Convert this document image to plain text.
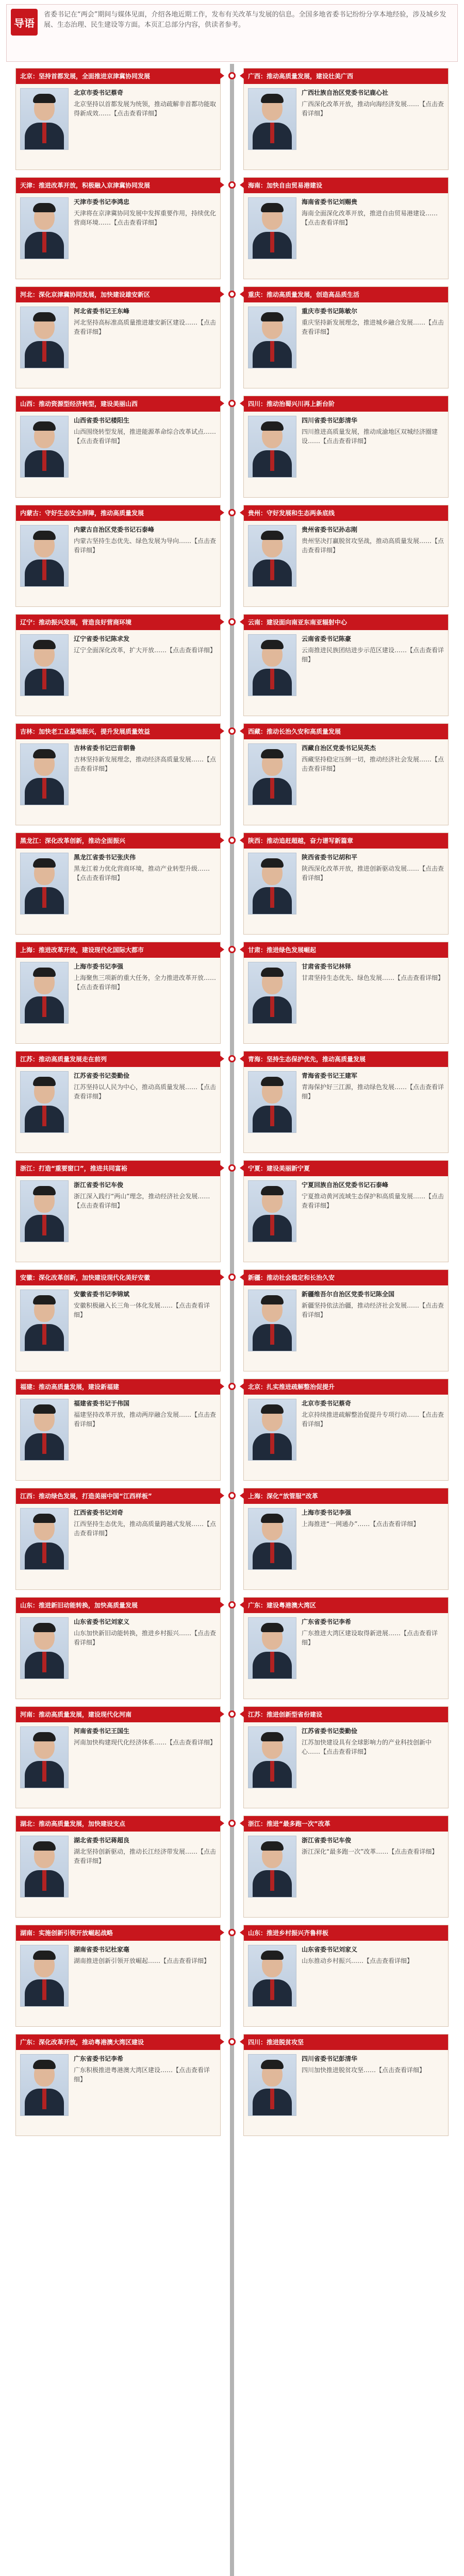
导语
省委书记在“两会”期间与媒体见面，介绍各地近期工作，发布有关改革与发展的信息。全国多地省委书记纷纷分享本地经验，涉及城乡发展、生态治理、民生建设等方面。本页汇总部分内容，供读者参考。
北京：坚持首都发展，全面推进京津冀协同发展
北京市委书记蔡奇
北京坚持以首都发展为统领，推动疏解非首都功能取得新成效……【点击查看详细】
天津：推进改革开放，积极融入京津冀协同发展
天津市委书记李鸿忠
天津将在京津冀协同发展中发挥重要作用，持续优化营商环境……【点击查看详细】
河北：深化京津冀协同发展，加快建设雄安新区
河北省委书记王东峰
河北坚持高标准高质量推进雄安新区建设……【点击查看详细】
山西：推动资源型经济转型，建设美丽山西
山西省委书记楼阳生
山西围绕转型发展，推进能源革命综合改革试点……【点击查看详细】
内蒙古：守好生态安全屏障，推动高质量发展
内蒙古自治区党委书记石泰峰
内蒙古坚持生态优先、绿色发展为导向……【点击查看详细】
辽宁：推动振兴发展，营造良好营商环境
辽宁省委书记陈求发
辽宁全面深化改革，扩大开放……【点击查看详细】
吉林：加快老工业基地振兴，提升发展质量效益
吉林省委书记巴音朝鲁
吉林坚持新发展理念，推动经济高质量发展……【点击查看详细】
黑龙江：深化改革创新，推动全面振兴
黑龙江省委书记张庆伟
黑龙江着力优化营商环境，推动产业转型升级……【点击查看详细】
上海：推进改革开放，建设现代化国际大都市
上海市委书记李强
上海聚焦三项新的重大任务，全力推进改革开放……【点击查看详细】
江苏：推动高质量发展走在前列
江苏省委书记娄勤俭
江苏坚持以人民为中心，推动高质量发展……【点击查看详细】
浙江：打造“重要窗口”，推进共同富裕
浙江省委书记车俊
浙江深入践行“两山”理念，推动经济社会发展……【点击查看详细】
安徽：深化改革创新，加快建设现代化美好安徽
安徽省委书记李锦斌
安徽积极融入长三角一体化发展……【点击查看详细】
福建：推动高质量发展，建设新福建
福建省委书记于伟国
福建坚持改革开放，推动两岸融合发展……【点击查看详细】
江西：推动绿色发展，打造美丽中国“江西样板”
江西省委书记刘奇
江西坚持生态优先，推动高质量跨越式发展……【点击查看详细】
山东：推进新旧动能转换，加快高质量发展
山东省委书记刘家义
山东加快新旧动能转换，推进乡村振兴……【点击查看详细】
河南：推动高质量发展，建设现代化河南
河南省委书记王国生
河南加快构建现代化经济体系……【点击查看详细】
湖北：推动高质量发展，加快建设支点
湖北省委书记蒋超良
湖北坚持创新驱动，推动长江经济带发展……【点击查看详细】
湖南：实施创新引领开放崛起战略
湖南省委书记杜家毫
湖南推进创新引领开放崛起……【点击查看详细】
广东：深化改革开放，推动粤港澳大湾区建设
广东省委书记李希
广东积极推进粤港澳大湾区建设……【点击查看详细】
广西：推动高质量发展，建设壮美广西
广西壮族自治区党委书记鹿心社
广西深化改革开放，推动向海经济发展……【点击查看详细】
海南：加快自由贸易港建设
海南省委书记刘赐贵
海南全面深化改革开放，推进自由贸易港建设……【点击查看详细】
重庆：推动高质量发展，创造高品质生活
重庆市委书记陈敏尔
重庆坚持新发展理念，推进城乡融合发展……【点击查看详细】
四川：推动治蜀兴川再上新台阶
四川省委书记彭清华
四川推进高质量发展，推动成渝地区双城经济圈建设……【点击查看详细】
贵州：守好发展和生态两条底线
贵州省委书记孙志刚
贵州坚决打赢脱贫攻坚战，推动高质量发展……【点击查看详细】
云南：建设面向南亚东南亚辐射中心
云南省委书记陈豪
云南推进民族团结进步示范区建设……【点击查看详细】
西藏：推动长治久安和高质量发展
西藏自治区党委书记吴英杰
西藏坚持稳定压倒一切，推动经济社会发展……【点击查看详细】
陕西：推动追赶超越，奋力谱写新篇章
陕西省委书记胡和平
陕西深化改革开放，推进创新驱动发展……【点击查看详细】
甘肃：推进绿色发展崛起
甘肃省委书记林铎
甘肃坚持生态优先、绿色发展……【点击查看详细】
青海：坚持生态保护优先，推动高质量发展
青海省委书记王建军
青海保护好三江源，推动绿色发展……【点击查看详细】
宁夏：建设美丽新宁夏
宁夏回族自治区党委书记石泰峰
宁夏推动黄河流域生态保护和高质量发展……【点击查看详细】
新疆：推动社会稳定和长治久安
新疆维吾尔自治区党委书记陈全国
新疆坚持依法治疆，推动经济社会发展……【点击查看详细】
北京：扎实推进疏解整治促提升
北京市委书记蔡奇
北京持续推进疏解整治促提升专项行动……【点击查看详细】
上海：深化“放管服”改革
上海市委书记李强
上海推进“一网通办”……【点击查看详细】
广东：建设粤港澳大湾区
广东省委书记李希
广东推进大湾区建设取得新进展……【点击查看详细】
江苏：推进创新型省份建设
江苏省委书记娄勤俭
江苏加快建设具有全球影响力的产业科技创新中心……【点击查看详细】
浙江：推进“最多跑一次”改革
浙江省委书记车俊
浙江深化“最多跑一次”改革……【点击查看详细】
山东：推进乡村振兴齐鲁样板
山东省委书记刘家义
山东推动乡村振兴……【点击查看详细】
四川：推进脱贫攻坚
四川省委书记彭清华
四川加快推进脱贫攻坚……【点击查看详细】
